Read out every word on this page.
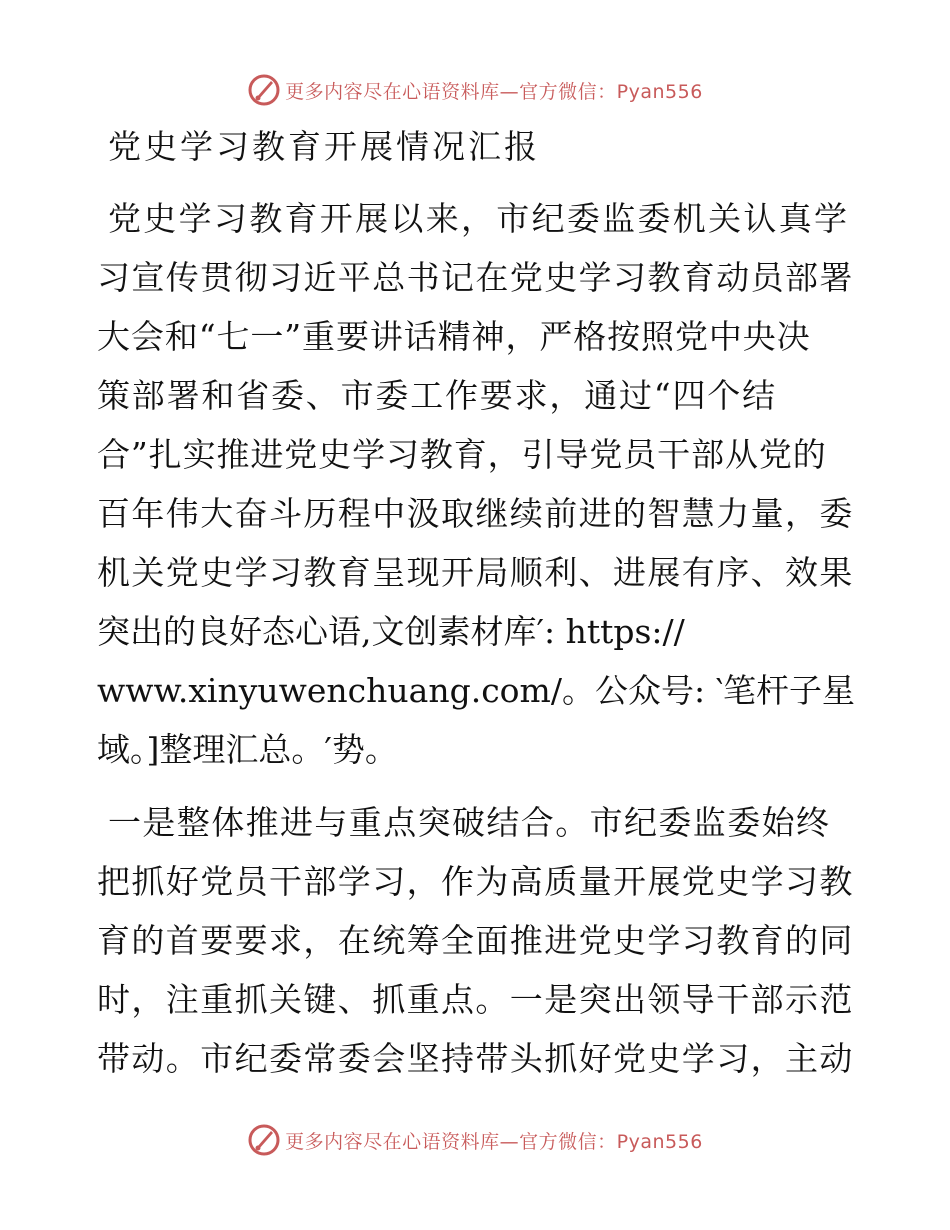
更多内容尽在心语资料库—官方微信：Pyan556
党史学习教育开展情况汇报

党史学习教育开展以来，市纪委监委机关认真学

习宣传贯彻习近平总书记在党史学习教育动员部署

大会和“七一”重要讲话精神，严格按照党中央决

策部署和省委、市委工作要求，通过“四个结

合”扎实推进党史学习教育，引导党员干部从党的

百年伟大奋斗历程中汲取继续前进的智慧力量，委

机关党史学习教育呈现开局顺利、进展有序、效果

突出的良好态心语,文创素材库′: https://

www.xinyuwenchuang.com/。公众号: ‵笔杆子星

域。]整理汇总。′势。

一是整体推进与重点突破结合。市纪委监委始终

把抓好党员干部学习，作为高质量开展党史学习教

育的首要要求，在统筹全面推进党史学习教育的同

时，注重抓关键、抓重点。一是突出领导干部示范

带动。市纪委常委会坚持带头抓好党史学习，主动

更多内容尽在心语资料库—官方微信：Pyan556
